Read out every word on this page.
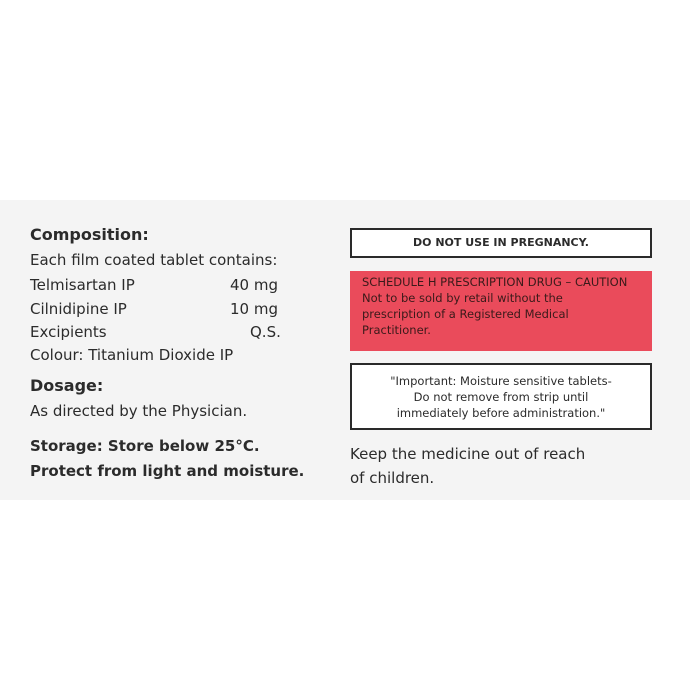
Composition:
Each film coated tablet contains:
Telmisartan IP	40 mg
Cilnidipine IP	10 mg
Excipients	Q.S.
Colour: Titanium Dioxide IP
Dosage:
As directed by the Physician.
Storage: Store below 25°C.
Protect from light and moisture.
DO NOT USE IN PREGNANCY.
SCHEDULE H PRESCRIPTION DRUG – CAUTION
Not to be sold by retail without the
prescription of a Registered Medical
Practitioner.
"Important: Moisture sensitive tablets-
Do not remove from strip until
immediately before administration."
Keep the medicine out of reach
of children.
